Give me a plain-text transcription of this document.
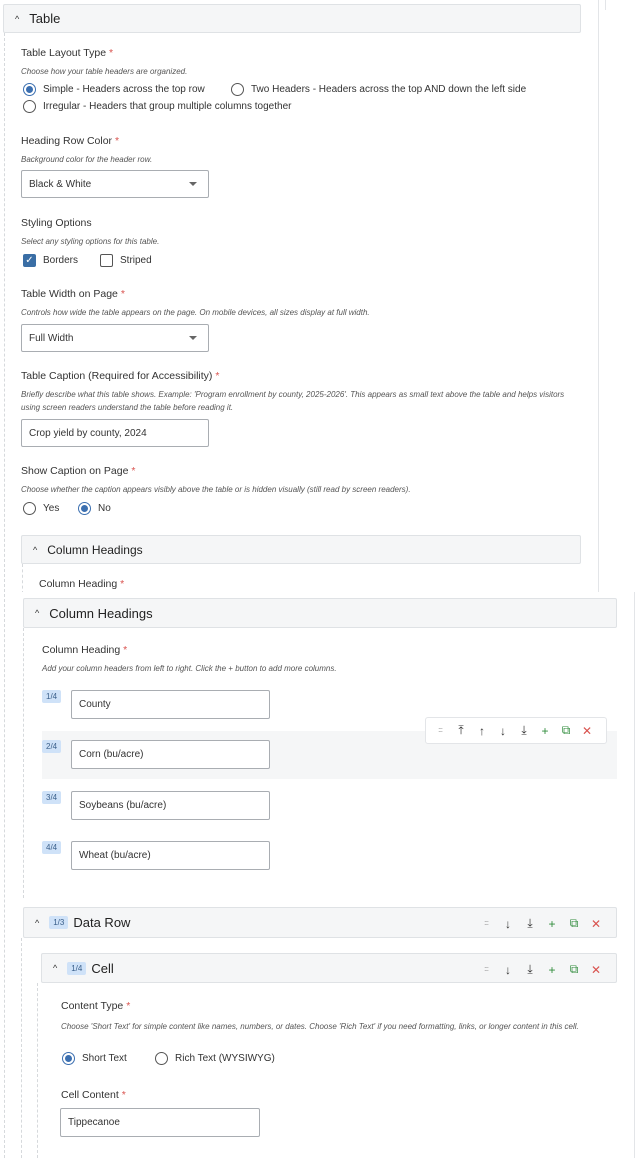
^ Table
Table Layout Type *
Choose how your table headers are organized.
Simple - Headers across the top row	Two Headers - Headers across the top AND down the left side
Irregular - Headers that group multiple columns together
Heading Row Color *
Background color for the header row.
Black & White
Styling Options
Select any styling options for this table.
✓ Borders	Striped
Table Width on Page *
Controls how wide the table appears on the page. On mobile devices, all sizes display at full width.
Full Width
Table Caption (Required for Accessibility) *
Briefly describe what this table shows. Example: 'Program enrollment by county, 2025-2026'. This appears as small text above the table and helps visitors using screen readers understand the table before reading it.
Crop yield by county, 2024
Show Caption on Page *
Choose whether the caption appears visibly above the table or is hidden visually (still read by screen readers).
Yes	No
^ Column Headings
Column Heading *
^ Column Headings
Column Heading *
Add your column headers from left to right. Click the + button to add more columns.
1/4
County
2/4
Corn (bu/acre)
3/4
Soybeans (bu/acre)
4/4
Wheat (bu/acre)
::::	⤒ ↑ ↓ ⤓ + ⧉ ✕
^	1/3 Data Row	::::	↓ ⤓ + ⧉ ✕
^	1/4 Cell	::::	↓ ⤓ + ⧉ ✕
Content Type *
Choose 'Short Text' for simple content like names, numbers, or dates. Choose 'Rich Text' if you need formatting, links, or longer content in this cell.
Short Text	Rich Text (WYSIWYG)
Cell Content *
Tippecanoe
